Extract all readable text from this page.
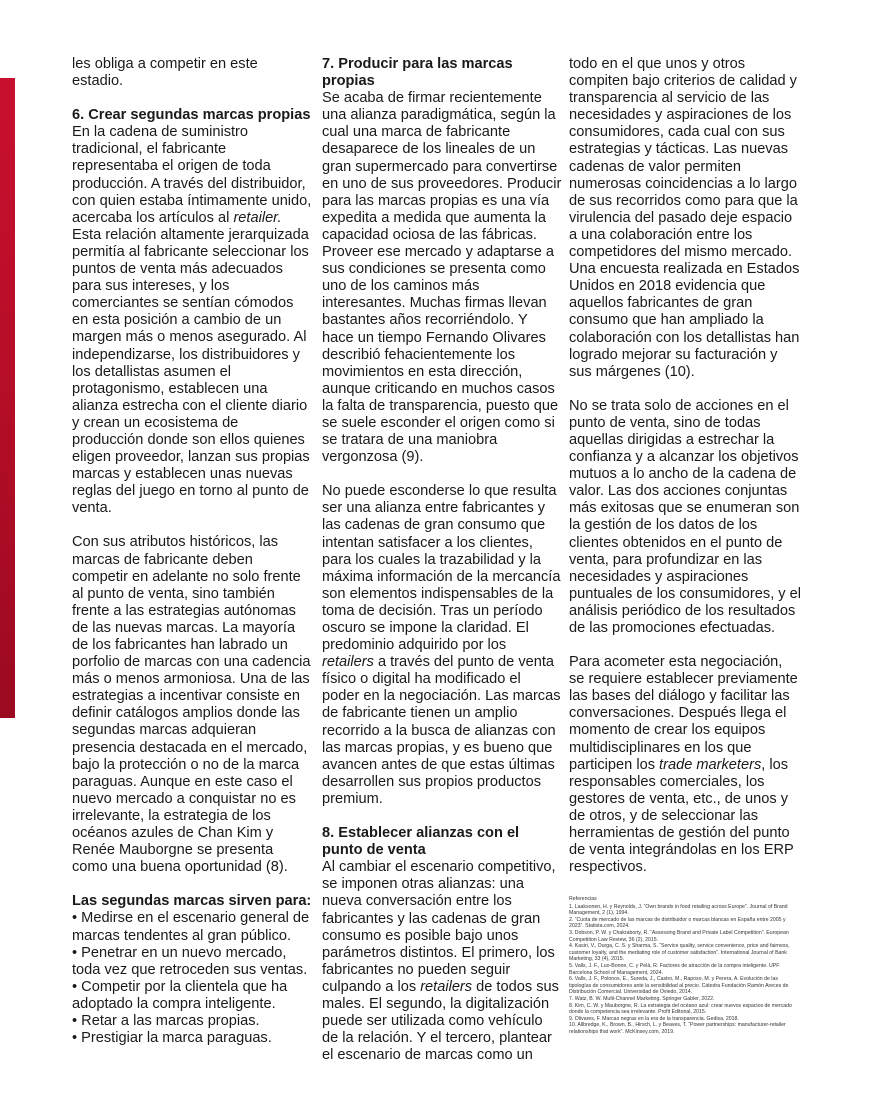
les obliga a competir en este estadio.

6. Crear segundas marcas propias

En la cadena de suministro tradicional, el fabricante representaba el origen de toda producción. A través del distribuidor, con quien estaba íntimamente unido, acercaba los artículos al retailer. Esta relación altamente jerarquizada permitía al fabricante seleccionar los puntos de venta más adecuados para sus intereses, y los comerciantes se sentían cómodos en esta posición a cambio de un margen más o menos asegurado. Al independizarse, los distribuidores y los detallistas asumen el protagonismo, establecen una alianza estrecha con el cliente diario y crean un ecosistema de producción donde son ellos quienes eligen proveedor, lanzan sus propias marcas y establecen unas nuevas reglas del juego en torno al punto de venta.

Con sus atributos históricos, las marcas de fabricante deben competir en adelante no solo frente al punto de venta, sino también frente a las estrategias autónomas de las nuevas marcas. La mayoría de los fabricantes han labrado un porfolio de marcas con una cadencia más o menos armoniosa. Una de las estrategias a incentivar consiste en definir catálogos amplios donde las segundas marcas adquieran presencia destacada en el mercado, bajo la protección o no de la marca paraguas. Aunque en este caso el nuevo mercado a conquistar no es irrelevante, la estrategia de los océanos azules de Chan Kim y Renée Mauborgne se presenta como una buena oportunidad (8).

Las segundas marcas sirven para:
• Medirse en el escenario general de marcas tendentes al gran público.
• Penetrar en un nuevo mercado, toda vez que retroceden sus ventas.
• Competir por la clientela que ha adoptado la compra inteligente.
• Retar a las marcas propias.
• Prestigiar la marca paraguas.
7. Producir para las marcas propias

Se acaba de firmar recientemente una alianza paradigmática, según la cual una marca de fabricante desaparece de los lineales de un gran supermercado para convertirse en uno de sus proveedores. Producir para las marcas propias es una vía expedita a medida que aumenta la capacidad ociosa de las fábricas. Proveer ese mercado y adaptarse a sus condiciones se presenta como uno de los caminos más interesantes. Muchas firmas llevan bastantes años recorriéndolo. Y hace un tiempo Fernando Olivares describió fehacientemente los movimientos en esta dirección, aunque criticando en muchos casos la falta de transparencia, puesto que se suele esconder el origen como si se tratara de una maniobra vergonzosa (9).

No puede esconderse lo que resulta ser una alianza entre fabricantes y las cadenas de gran consumo que intentan satisfacer a los clientes, para los cuales la trazabilidad y la máxima información de la mercancía son elementos indispensables de la toma de decisión. Tras un período oscuro se impone la claridad. El predominio adquirido por los retailers a través del punto de venta físico o digital ha modificado el poder en la negociación. Las marcas de fabricante tienen un amplio recorrido a la busca de alianzas con las marcas propias, y es bueno que avancen antes de que estas últimas desarrollen sus propios productos premium.

8. Establecer alianzas con el punto de venta

Al cambiar el escenario competitivo, se imponen otras alianzas: una nueva conversación entre los fabricantes y las cadenas de gran consumo es posible bajo unos parámetros distintos. El primero, los fabricantes no pueden seguir culpando a los retailers de todos sus males. El segundo, la digitalización puede ser utilizada como vehículo de la relación. Y el tercero, plantear el escenario de marcas como un

todo en el que unos y otros compiten bajo criterios de calidad y transparencia al servicio de las necesidades y aspiraciones de los consumidores, cada cual con sus estrategias y tácticas. Las nuevas cadenas de valor permiten numerosas coincidencias a lo largo de sus recorridos como para que la virulencia del pasado deje espacio a una colaboración entre los competidores del mismo mercado. Una encuesta realizada en Estados Unidos en 2018 evidencia que aquellos fabricantes de gran consumo que han ampliado la colaboración con los detallistas han logrado mejorar su facturación y sus márgenes (10).

No se trata solo de acciones en el punto de venta, sino de todas aquellas dirigidas a estrechar la confianza y a alcanzar los objetivos mutuos a lo ancho de la cadena de valor. Las dos acciones conjuntas más exitosas que se enumeran son la gestión de los datos de los clientes obtenidos en el punto de venta, para profundizar en las necesidades y aspiraciones puntuales de los consumidores, y el análisis periódico de los resultados de las promociones efectuadas.

Para acometer esta negociación, se requiere establecer previamente las bases del diálogo y facilitar las conversaciones. Después llega el momento de crear los equipos multidisciplinares en los que participen los trade marketers, los responsables comerciales, los gestores de venta, etc., de unos y de otros, y de seleccionar las herramientas de gestión del punto de venta integrándolas en los ERP respectivos.

Referencias
1. Laaksonen, H. y Reynolds, J. “Own brands in food retailing across Europe”. Journal of Brand Management, 2 (1), 1994.
2. “Cuota de mercado de las marcas de distribuidor o marcas blancas en España entre 2005 y 2023”. Statista.com, 2024.
3. Dobson, P. W. y Chakraborty, R. “Assessing Brand and Private Label Competition”. European Competition Law Review, 36 (2), 2015.
4. Kasiri, V., Durga, C. S. y Sharma, S. “Service quality, service convenience, price and fairness, customer loyalty, and the mediating role of customer satisfaction”. International Journal of Bank Marketing, 33 (4), 2015.
5. Valls, J. F., Luo-Bonne, C. y Pelà, R. Factores de atracción de la compra inteligente. UPF Barcelona School of Management, 2024.
6. Valls, J. F., Polonos, E., Sureda, J., Castro, M., Raposo, M. y Perera, A. Evolución de las tipologías de consumidores ante la sensibilidad al precio. Cátedra Fundación Ramón Areces de Distribución Comercial. Universidad de Oviedo, 2014.
7. Watz, B. W. Multi-Channel Marketing. Springer Gabler, 2022.
8. Kim, C. W. y Mauborgne, R. La estrategia del océano azul: crear nuevos espacios de mercado donde la competencia sea irrelevante. Profit Editorial, 2015.
9. Olivares, F. Marcas negras en la era de la transparencia. Gedisa, 2018.
10. Allbredge, K., Brown, B., Hirsch, L. y Beaves, T. “Power partnerships: manufacturer-retailer relationships that work”. McKinsey.com, 2019.
